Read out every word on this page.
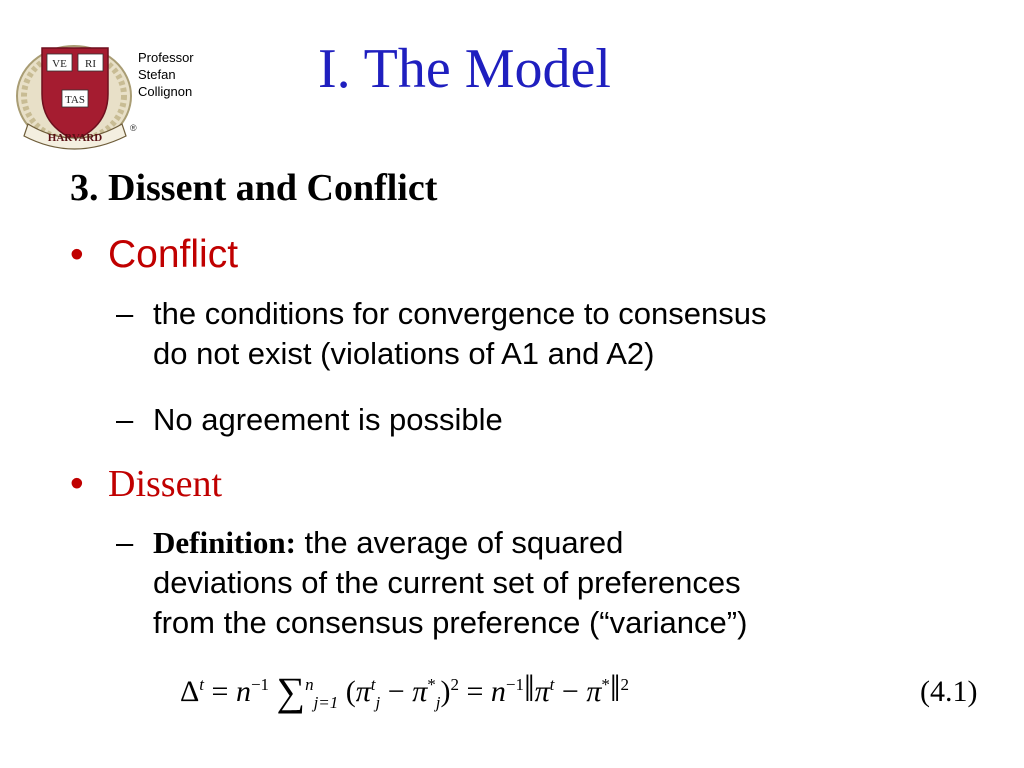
VE RI
TAS
HARVARD
®
Professor
Stefan
Collignon I. The Model
3. Dissent and Conflict
• Conflict
– the conditions for convergence to consensus
do not exist (violations of A1 and A2)
– No agreement is possible
• Dissent
– Definition: the average of squared
deviations of the current set of preferences
from the consensus preference (“variance”)
$\Delta^t = n^{-1}$ ∑$^n_{j=1}$ $(\pi^t_j - \pi^*_j)^2$ = $n^{-1}‖\pi^t$ − π*‖$^2$	(4.1)
